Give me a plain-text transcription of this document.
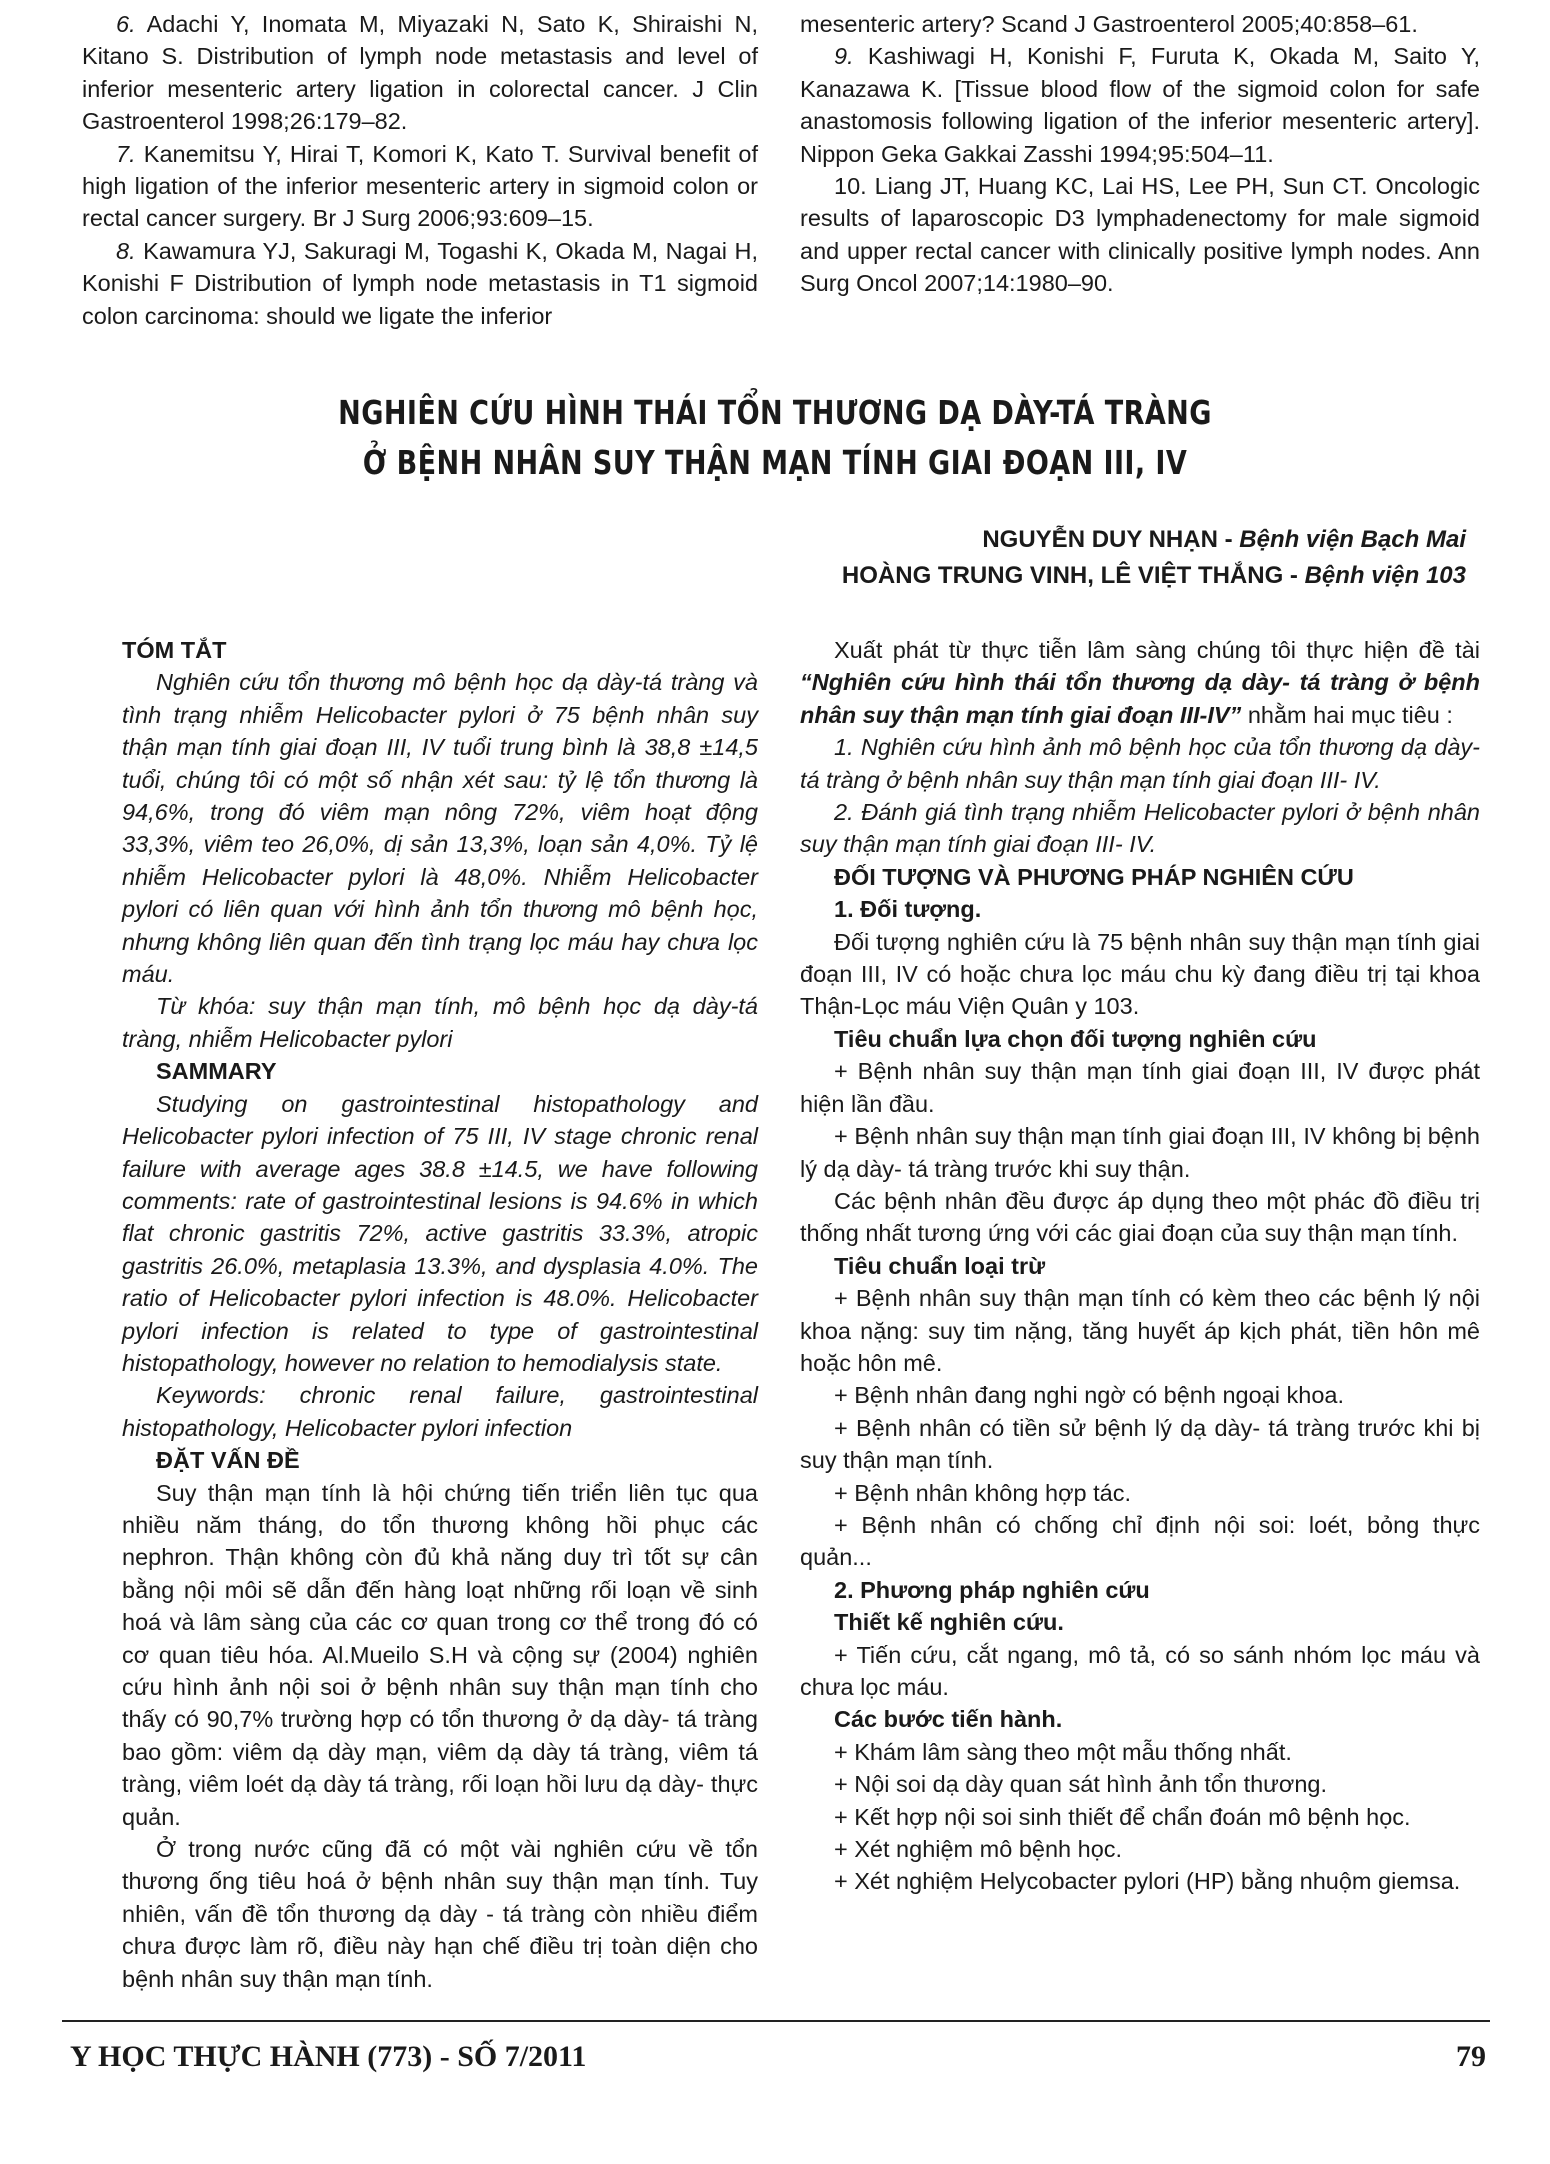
6. Adachi Y, Inomata M, Miyazaki N, Sato K, Shiraishi N, Kitano S. Distribution of lymph node metastasis and level of inferior mesenteric artery ligation in colorectal cancer. J Clin Gastroenterol 1998;26:179–82.

7. Kanemitsu Y, Hirai T, Komori K, Kato T. Survival benefit of high ligation of the inferior mesenteric artery in sigmoid colon or rectal cancer surgery. Br J Surg 2006;93:609–15.

8. Kawamura YJ, Sakuragi M, Togashi K, Okada M, Nagai H, Konishi F Distribution of lymph node metastasis in T1 sigmoid colon carcinoma: should we ligate the inferior

mesenteric artery? Scand J Gastroenterol 2005;40:858–61.

9. Kashiwagi H, Konishi F, Furuta K, Okada M, Saito Y, Kanazawa K. [Tissue blood flow of the sigmoid colon for safe anastomosis following ligation of the inferior mesenteric artery]. Nippon Geka Gakkai Zasshi 1994;95:504–11.

10. Liang JT, Huang KC, Lai HS, Lee PH, Sun CT. Oncologic results of laparoscopic D3 lymphadenectomy for male sigmoid and upper rectal cancer with clinically positive lymph nodes. Ann Surg Oncol 2007;14:1980–90.

NGHIÊN CỨU HÌNH THÁI TỔN THƯƠNG DẠ DÀY-TÁ TRÀNG
Ở BỆNH NHÂN SUY THẬN MẠN TÍNH GIAI ĐOẠN III, IV
NGUYỄN DUY NHẠN - Bệnh viện Bạch Mai
HOÀNG TRUNG VINH, LÊ VIỆT THẮNG - Bệnh viện 103

TÓM TẮT

Nghiên cứu tổn thương mô bệnh học dạ dày-tá tràng và tình trạng nhiễm Helicobacter pylori ở 75 bệnh nhân suy thận mạn tính giai đoạn III, IV tuổi trung bình là 38,8 ±14,5 tuổi, chúng tôi có một số nhận xét sau: tỷ lệ tổn thương là 94,6%, trong đó viêm mạn nông 72%, viêm hoạt động 33,3%, viêm teo 26,0%, dị sản 13,3%, loạn sản 4,0%. Tỷ lệ nhiễm Helicobacter pylori là 48,0%. Nhiễm Helicobacter pylori có liên quan với hình ảnh tổn thương mô bệnh học, nhưng không liên quan đến tình trạng lọc máu hay chưa lọc máu.

Từ khóa: suy thận mạn tính, mô bệnh học dạ dày-tá tràng, nhiễm Helicobacter pylori

SAMMARY

Studying on gastrointestinal histopathology and Helicobacter pylori infection of 75 III, IV stage chronic renal failure with average ages 38.8 ±14.5, we have following comments: rate of gastrointestinal lesions is 94.6% in which flat chronic gastritis 72%, active gastritis 33.3%, atropic gastritis 26.0%, metaplasia 13.3%, and dysplasia 4.0%. The ratio of Helicobacter pylori infection is 48.0%. Helicobacter pylori infection is related to type of gastrointestinal histopathology, however no relation to hemodialysis state.

Keywords: chronic renal failure, gastrointestinal histopathology, Helicobacter pylori infection

ĐẶT VẤN ĐỀ

Suy thận mạn tính là hội chứng tiến triển liên tục qua nhiều năm tháng, do tổn thương không hồi phục các nephron. Thận không còn đủ khả năng duy trì tốt sự cân bằng nội môi sẽ dẫn đến hàng loạt những rối loạn về sinh hoá và lâm sàng của các cơ quan trong cơ thể trong đó có cơ quan tiêu hóa. Al.Mueilo S.H và cộng sự (2004) nghiên cứu hình ảnh nội soi ở bệnh nhân suy thận mạn tính cho thấy có 90,7% trường hợp có tổn thương ở dạ dày- tá tràng bao gồm: viêm dạ dày mạn, viêm dạ dày tá tràng, viêm tá tràng, viêm loét dạ dày tá tràng, rối loạn hồi lưu dạ dày- thực quản.

Ở trong nước cũng đã có một vài nghiên cứu về tổn thương ống tiêu hoá ở bệnh nhân suy thận mạn tính. Tuy nhiên, vấn đề tổn thương dạ dày - tá tràng còn nhiều điểm chưa được làm rõ, điều này hạn chế điều trị toàn diện cho bệnh nhân suy thận mạn tính.

Xuất phát từ thực tiễn lâm sàng chúng tôi thực hiện đề tài “Nghiên cứu hình thái tổn thương dạ dày- tá tràng ở bệnh nhân suy thận mạn tính giai đoạn III-IV” nhằm hai mục tiêu :

1. Nghiên cứu hình ảnh mô bệnh học của tổn thương dạ dày- tá tràng ở bệnh nhân suy thận mạn tính giai đoạn III- IV.

2. Đánh giá tình trạng nhiễm Helicobacter pylori ở bệnh nhân suy thận mạn tính giai đoạn III- IV.

ĐỐI TƯỢNG VÀ PHƯƠNG PHÁP NGHIÊN CỨU

1. Đối tượng.

Đối tượng nghiên cứu là 75 bệnh nhân suy thận mạn tính giai đoạn III, IV có hoặc chưa lọc máu chu kỳ đang điều trị tại khoa Thận-Lọc máu Viện Quân y 103.

Tiêu chuẩn lựa chọn đối tượng nghiên cứu

+ Bệnh nhân suy thận mạn tính giai đoạn III, IV được phát hiện lần đầu.

+ Bệnh nhân suy thận mạn tính giai đoạn III, IV không bị bệnh lý dạ dày- tá tràng trước khi suy thận.

Các bệnh nhân đều được áp dụng theo một phác đồ điều trị thống nhất tương ứng với các giai đoạn của suy thận mạn tính.

Tiêu chuẩn loại trừ

+ Bệnh nhân suy thận mạn tính có kèm theo các bệnh lý nội khoa nặng: suy tim nặng, tăng huyết áp kịch phát, tiền hôn mê hoặc hôn mê.

+ Bệnh nhân đang nghi ngờ có bệnh ngoại khoa.

+ Bệnh nhân có tiền sử bệnh lý dạ dày- tá tràng trước khi bị suy thận mạn tính.

+ Bệnh nhân không hợp tác.

+ Bệnh nhân có chống chỉ định nội soi: loét, bỏng thực quản...

2. Phương pháp nghiên cứu

Thiết kế nghiên cứu.

+ Tiến cứu, cắt ngang, mô tả, có so sánh nhóm lọc máu và chưa lọc máu.

Các bước tiến hành.

+ Khám lâm sàng theo một mẫu thống nhất.

+ Nội soi dạ dày quan sát hình ảnh tổn thương.

+ Kết hợp nội soi sinh thiết để chẩn đoán mô bệnh học.

+ Xét nghiệm mô bệnh học.

+ Xét nghiệm Helycobacter pylori (HP) bằng nhuộm giemsa.

Y HỌC THỰC HÀNH (773) - SỐ 7/2011	79
